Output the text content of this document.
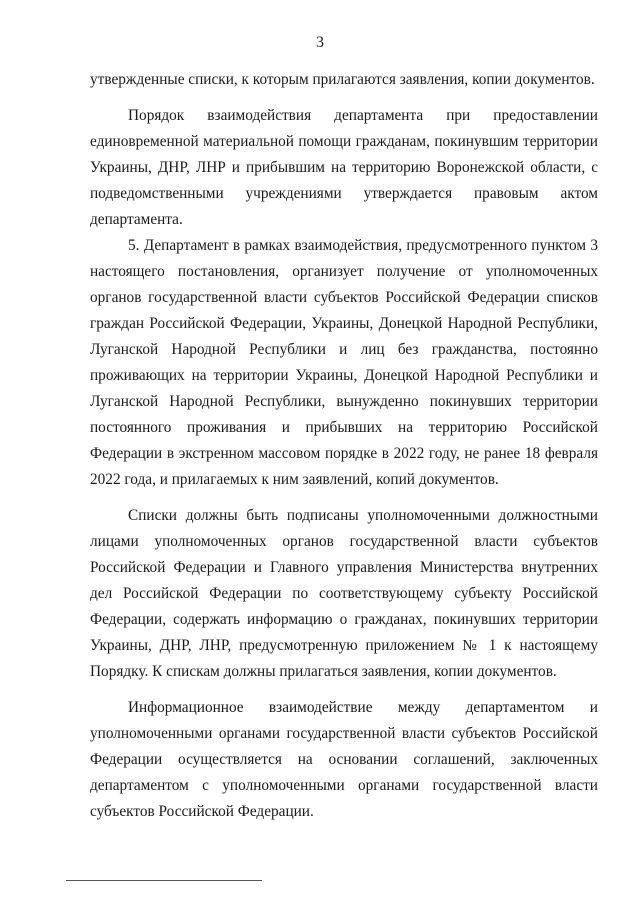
3

утвержденные списки, к которым прилагаются заявления, копии документов.

Порядок взаимодействия департамента при предоставлении единовременной материальной помощи гражданам, покинувшим территории Украины, ДНР, ЛНР и прибывшим на территорию Воронежской области, с подведомственными учреждениями утверждается правовым актом департамента.

5. Департамент в рамках взаимодействия, предусмотренного пунктом 3 настоящего постановления, организует получение от уполномоченных органов государственной власти субъектов Российской Федерации списков граждан Российской Федерации, Украины, Донецкой Народной Республики, Луганской Народной Республики и лиц без гражданства, постоянно проживающих на территории Украины, Донецкой Народной Республики и Луганской Народной Республики, вынужденно покинувших территории постоянного проживания и прибывших на территорию Российской Федерации в экстренном массовом порядке в 2022 году, не ранее 18 февраля 2022 года, и прилагаемых к ним заявлений, копий документов.

Списки должны быть подписаны уполномоченными должностными лицами уполномоченных органов государственной власти субъектов Российской Федерации и Главного управления Министерства внутренних дел Российской Федерации по соответствующему субъекту Российской Федерации, содержать информацию о гражданах, покинувших территории Украины, ДНР, ЛНР, предусмотренную приложением № 1 к настоящему Порядку. К спискам должны прилагаться заявления, копии документов.

Информационное взаимодействие между департаментом и уполномоченными органами государственной власти субъектов Российской Федерации осуществляется на основании соглашений, заключенных департаментом с уполномоченными органами государственной власти субъектов Российской Федерации.
